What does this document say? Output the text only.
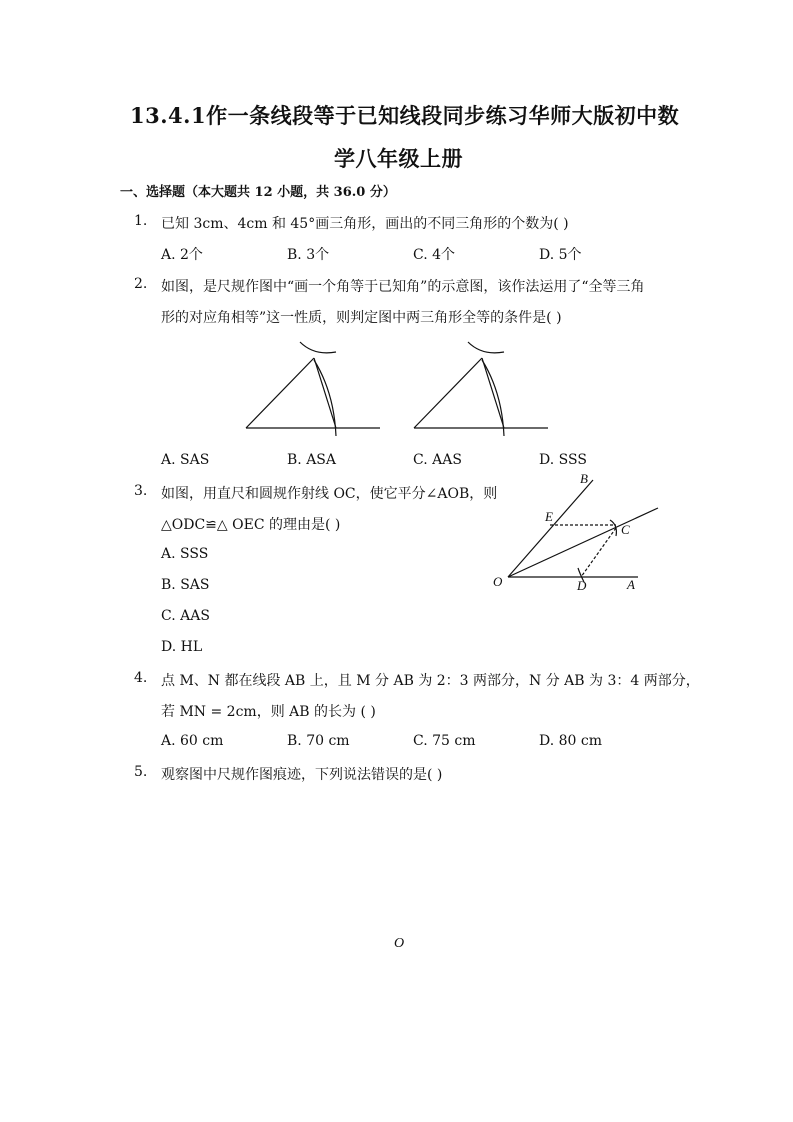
13.4.1作一条线段等于已知线段同步练习华师大版初中数
学八年级上册
一、选择题（本大题共 12 小题，共 36.0 分）
1. 已知 3cm、4cm 和 45°画三角形，画出的不同三角形的个数为( )
A. 2个	B. 3个	C. 4个	D. 5个
2. 如图，是尺规作图中“画一个角等于已知角”的示意图，该作法运用了“全等三角
形的对应角相等”这一性质，则判定图中两三角形全等的条件是( )
A. SAS	B. ASA	C. AAS	D. SSS
3. 如图，用直尺和圆规作射线 OC，使它平分∠AOB，则
△ODC≌△ OEC 的理由是( )
A. SSS
B. SAS
C. AAS
D. HL
B
E
C
O	D	A
4. 点 M、N 都在线段 AB 上，且 M 分 AB 为 2：3 两部分，N 分 AB 为 3：4 两部分，
若 MN = 2cm，则 AB 的长为 ( )
A. 60 cm	B. 70 cm	C. 75 cm	D. 80 cm
5. 观察图中尺规作图痕迹，下列说法错误的是( )
O
